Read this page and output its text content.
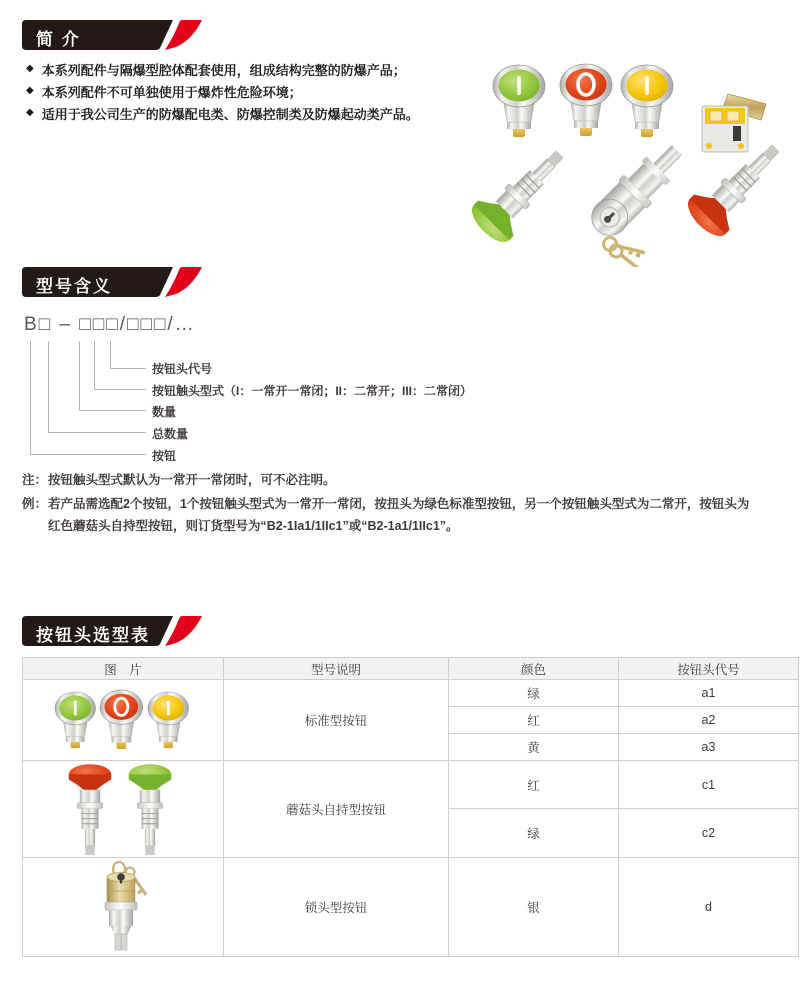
简 介
◆ 本系列配件与隔爆型腔体配套使用，组成结构完整的防爆产品；
◆ 本系列配件不可单独使用于爆炸性危险环境；
◆ 适用于我公司生产的防爆配电类、防爆控制类及防爆起动类产品。
型号含义
B□ – □□□/□□□/…
按钮头代号
按钮触头型式（I：一常开一常闭；II：二常开；III：二常闭）
数量
总数量
按钮
注： 按钮触头型式默认为一常开一常闭时，可不必注明。
例： 若产品需选配2个按钮，1个按钮触头型式为一常开一常闭，按扭头为绿色标准型按钮，另一个按钮触头型式为二常开，按钮头为
红色蘑菇头自持型按钮，则订货型号为“B2-1Ia1/1IIc1”或“B2-1a1/1IIc1”。
按钮头选型表
图　片	型号说明	颜色	按钮头代号

	标准型按钮	绿	a1
		红	a2
		黄	a3

	蘑菇头自持型按钮	红	c1
		绿	c2

	锁头型按钮	银	d
